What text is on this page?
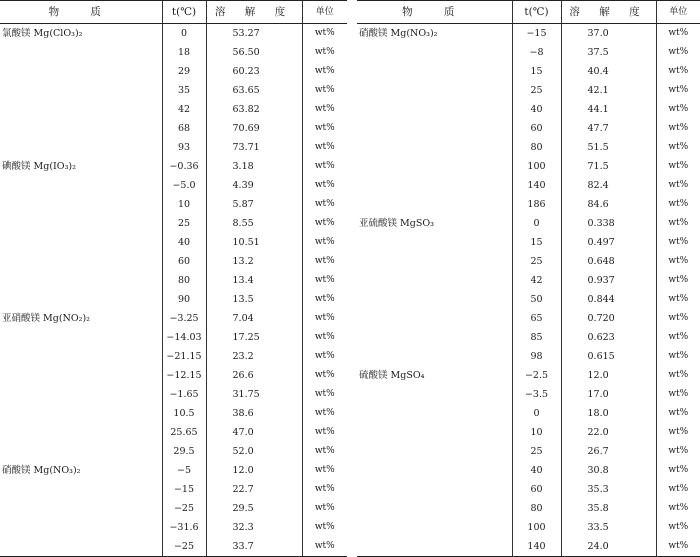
物 质	t(℃)	溶 解 度	单位
氯酸镁 Mg(ClO₃)₂	0	53.27	wt%
	18	56.50	wt%
	29	60.23	wt%
	35	63.65	wt%
	42	63.82	wt%
	68	70.69	wt%
	93	73.71	wt%
碘酸镁 Mg(IO₃)₂	−0.36	3.18	wt%
	−5.0	4.39	wt%
	10	5.87	wt%
	25	8.55	wt%
	40	10.51	wt%
	60	13.2	wt%
	80	13.4	wt%
	90	13.5	wt%
亚硝酸镁 Mg(NO₂)₂	−3.25	7.04	wt%
	−14.03	17.25	wt%
	−21.15	23.2	wt%
	−12.15	26.6	wt%
	−1.65	31.75	wt%
	10.5	38.6	wt%
	25.65	47.0	wt%
	29.5	52.0	wt%
硝酸镁 Mg(NO₃)₂	−5	12.0	wt%
	−15	22.7	wt%
	−25	29.5	wt%
	−31.6	32.3	wt%
	−25	33.7	wt%
物 质	t(℃)	溶 解 度	单位
硝酸镁 Mg(NO₃)₂	−15	37.0	wt%
	−8	37.5	wt%
	15	40.4	wt%
	25	42.1	wt%
	40	44.1	wt%
	60	47.7	wt%
	80	51.5	wt%
	100	71.5	wt%
	140	82.4	wt%
	186	84.6	wt%
亚硫酸镁 MgSO₃	0	0.338	wt%
	15	0.497	wt%
	25	0.648	wt%
	42	0.937	wt%
	50	0.844	wt%
	65	0.720	wt%
	85	0.623	wt%
	98	0.615	wt%
硫酸镁 MgSO₄	−2.5	12.0	wt%
	−3.5	17.0	wt%
	0	18.0	wt%
	10	22.0	wt%
	25	26.7	wt%
	40	30.8	wt%
	60	35.3	wt%
	80	35.8	wt%
	100	33.5	wt%
	140	24.0	wt%
